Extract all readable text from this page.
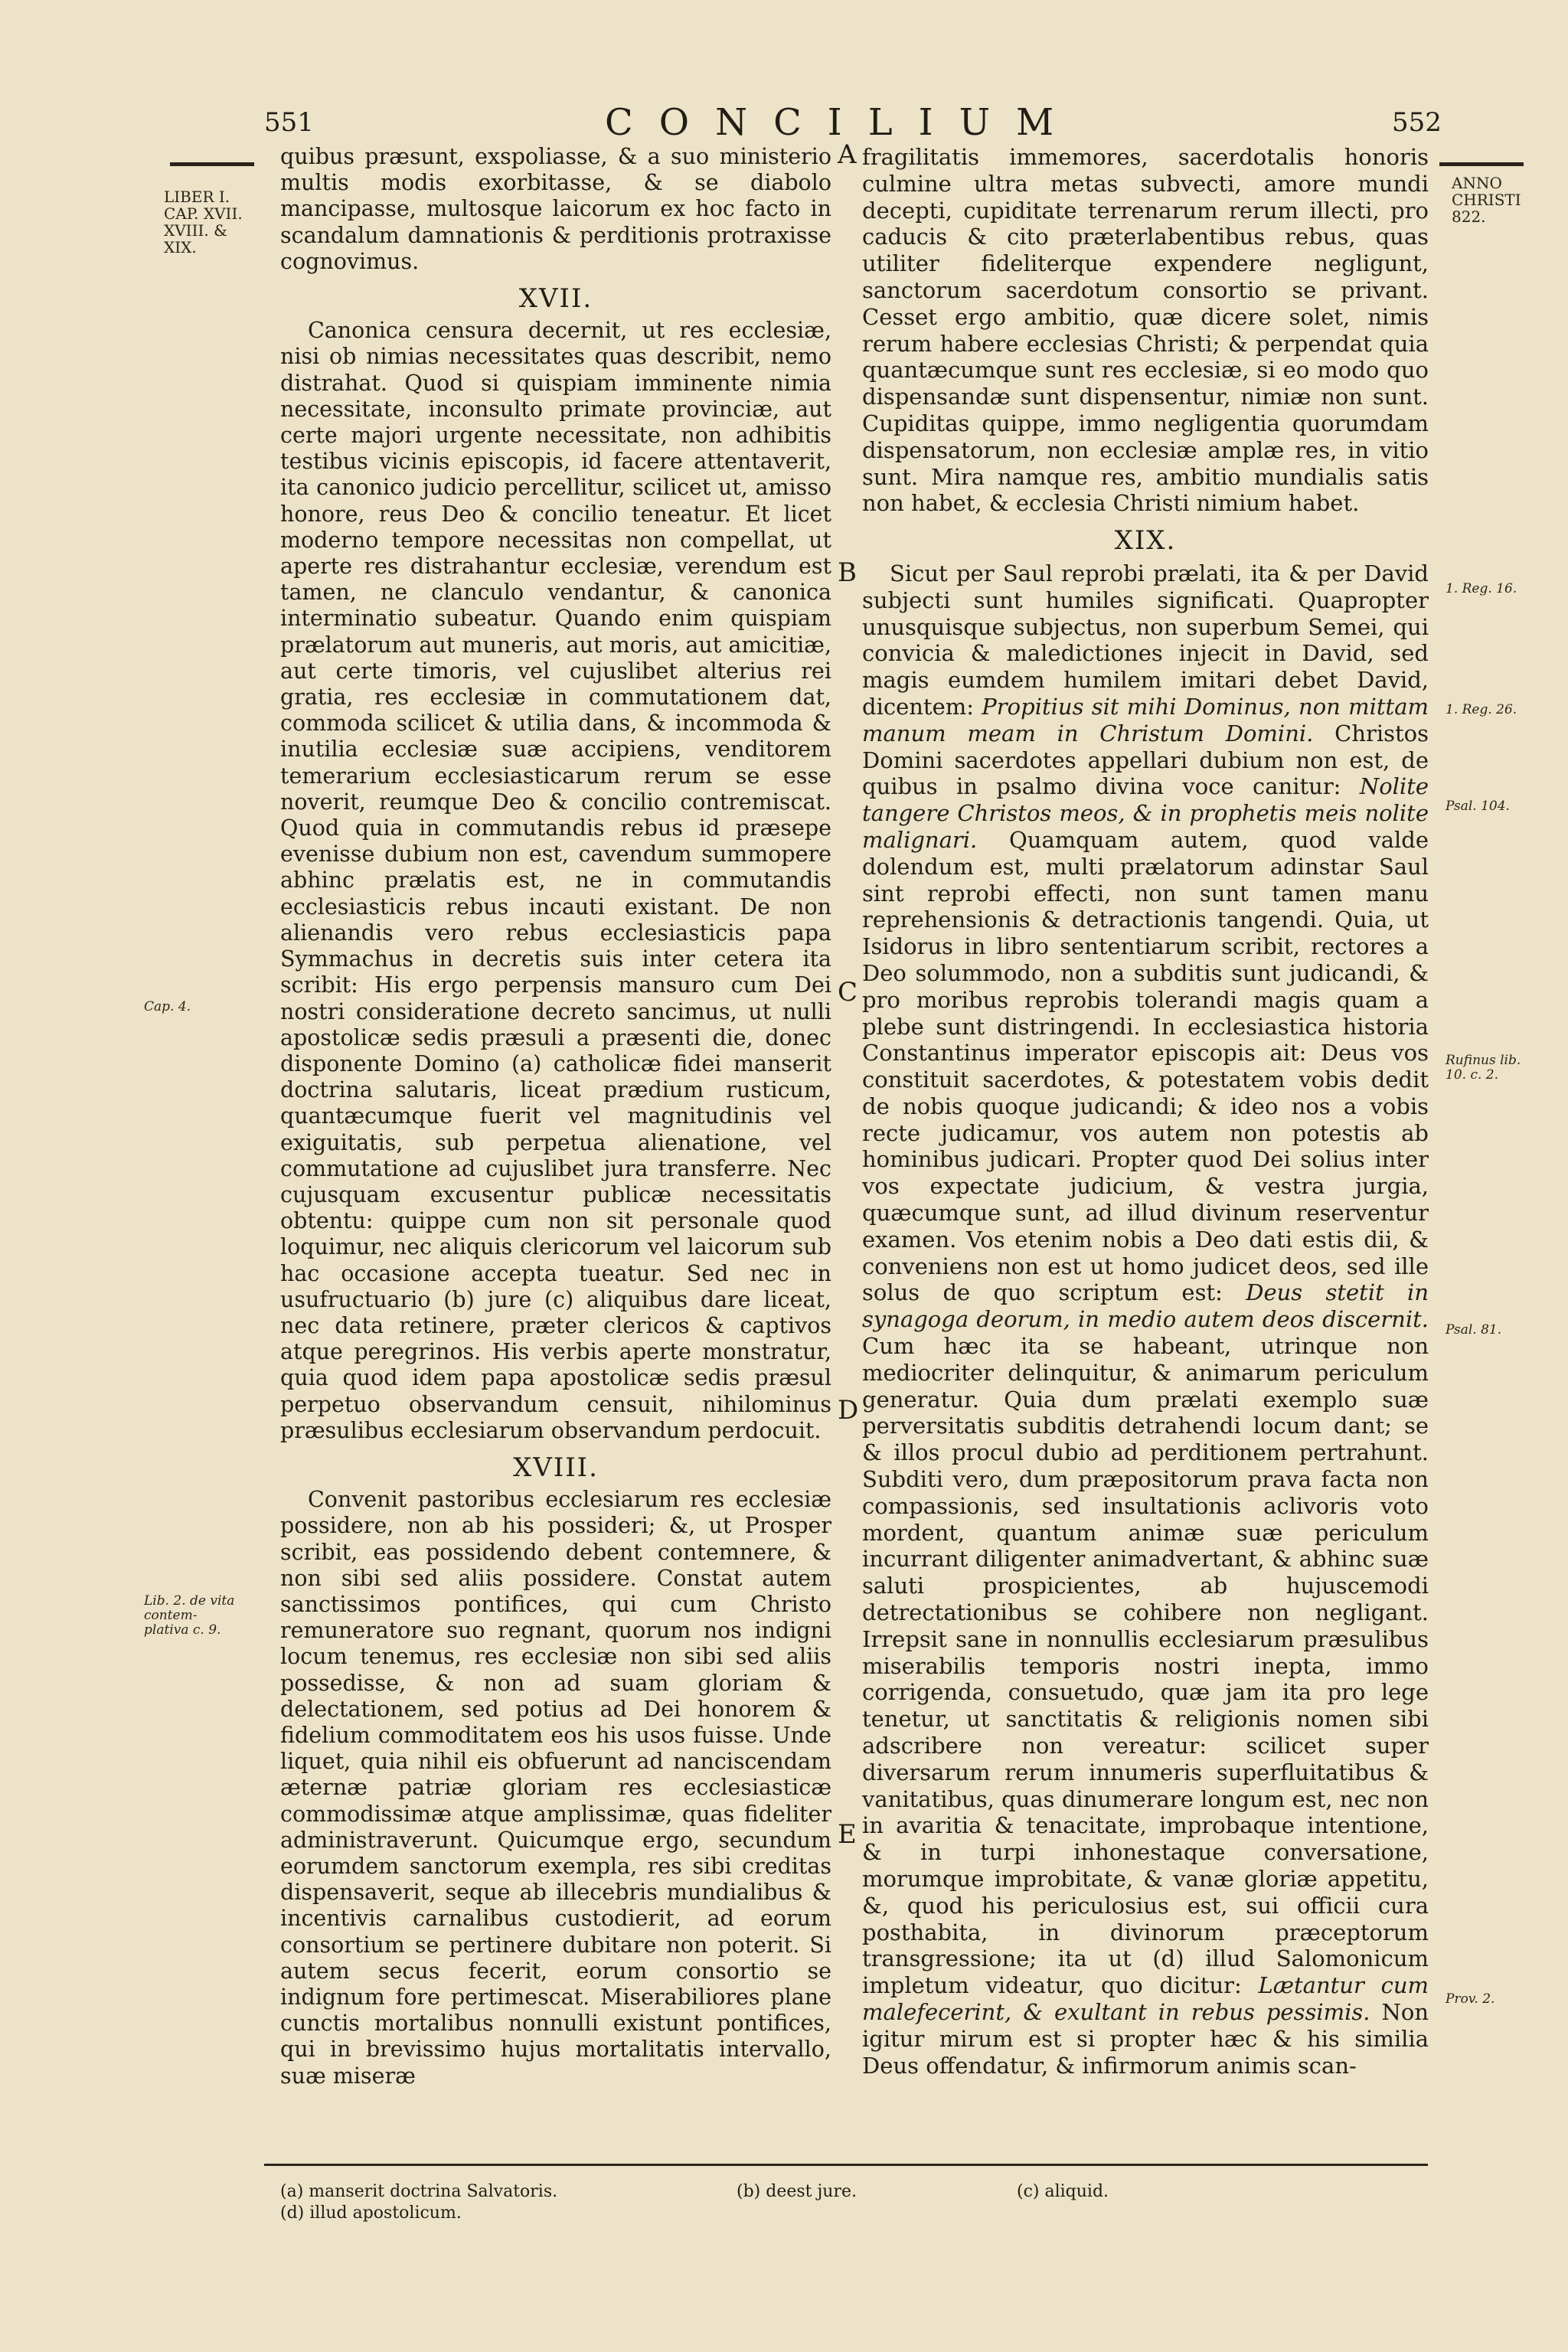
551	CONCILIUM	552
LIBER I. CAP. XVII. XVIII. & XIX.
Cap. 4.
Lib. 2. de vita contem-plativa c. 9.
ANNO CHRISTI 822.
1. Reg. 16.
1. Reg. 26.
Psal. 104.
Rufinus lib. 10. c. 2.
Psal. 81.
Prov. 2.
A
B
C
D
E

quibus præsunt, exspoliasse, & a suo ministerio multis modis exorbitasse, & se diabolo mancipasse, multosque laicorum ex hoc facto in scandalum damnationis & perditionis protraxisse cognovimus.

XVII.

Canonica censura decernit, ut res ecclesiæ, nisi ob nimias necessitates quas describit, nemo distrahat. Quod si quispiam imminente nimia necessitate, inconsulto primate provinciæ, aut certe majori urgente necessitate, non adhibitis testibus vicinis episcopis, id facere attentaverit, ita canonico judicio percellitur, scilicet ut, amisso honore, reus Deo & concilio teneatur. Et licet moderno tempore necessitas non compellat, ut aperte res distrahantur ecclesiæ, verendum est tamen, ne clanculo vendantur, & canonica interminatio subeatur. Quando enim quispiam prælatorum aut muneris, aut moris, aut amicitiæ, aut certe timoris, vel cujuslibet alterius rei gratia, res ecclesiæ in commutationem dat, commoda scilicet & utilia dans, & incommoda & inutilia ecclesiæ suæ accipiens, venditorem temerarium ecclesiasticarum rerum se esse noverit, reumque Deo & concilio contremiscat. Quod quia in commutandis rebus id præsepe evenisse dubium non est, cavendum summopere abhinc prælatis est, ne in commutandis ecclesiasticis rebus incauti existant. De non alienandis vero rebus ecclesiasticis papa Symmachus in decretis suis inter cetera ita scribit: His ergo perpensis mansuro cum Dei nostri consideratione decreto sancimus, ut nulli apostolicæ sedis præsuli a præsenti die, donec disponente Domino (a) catholicæ fidei manserit doctrina salutaris, liceat prædium rusticum, quantæcumque fuerit vel magnitudinis vel exiguitatis, sub perpetua alienatione, vel commutatione ad cujuslibet jura transferre. Nec cujusquam excusentur publicæ necessitatis obtentu: quippe cum non sit personale quod loquimur, nec aliquis clericorum vel laicorum sub hac occasione accepta tueatur. Sed nec in usufructuario (b) jure (c) aliquibus dare liceat, nec data retinere, præter clericos & captivos atque peregrinos. His verbis aperte monstratur, quia quod idem papa apostolicæ sedis præsul perpetuo observandum censuit, nihilominus præsulibus ecclesiarum observandum perdocuit.

XVIII.

Convenit pastoribus ecclesiarum res ecclesiæ possidere, non ab his possideri; &, ut Prosper scribit, eas possidendo debent contemnere, & non sibi sed aliis possidere. Constat autem sanctissimos pontifices, qui cum Christo remuneratore suo regnant, quorum nos indigni locum tenemus, res ecclesiæ non sibi sed aliis possedisse, & non ad suam gloriam & delectationem, sed potius ad Dei honorem & fidelium commoditatem eos his usos fuisse. Unde liquet, quia nihil eis obfuerunt ad nanciscendam æternæ patriæ gloriam res ecclesiasticæ commodissimæ atque amplissimæ, quas fideliter administraverunt. Quicumque ergo, secundum eorumdem sanctorum exempla, res sibi creditas dispensaverit, seque ab illecebris mundialibus & incentivis carnalibus custodierit, ad eorum consortium se pertinere dubitare non poterit. Si autem secus fecerit, eorum consortio se indignum fore pertimescat. Miserabiliores plane cunctis mortalibus nonnulli existunt pontifices, qui in brevissimo hujus mortalitatis intervallo, suæ miseræ

fragilitatis immemores, sacerdotalis honoris culmine ultra metas subvecti, amore mundi decepti, cupiditate terrenarum rerum illecti, pro caducis & cito præterlabentibus rebus, quas utiliter fideliterque expendere negligunt, sanctorum sacerdotum consortio se privant. Cesset ergo ambitio, quæ dicere solet, nimis rerum habere ecclesias Christi; & perpendat quia quantæcumque sunt res ecclesiæ, si eo modo quo dispensandæ sunt dispensentur, nimiæ non sunt. Cupiditas quippe, immo negligentia quorumdam dispensatorum, non ecclesiæ amplæ res, in vitio sunt. Mira namque res, ambitio mundialis satis non habet, & ecclesia Christi nimium habet.

XIX.

Sicut per Saul reprobi prælati, ita & per David subjecti sunt humiles significati. Quapropter unusquisque subjectus, non superbum Semei, qui convicia & maledictiones injecit in David, sed magis eumdem humilem imitari debet David, dicentem: Propitius sit mihi Dominus, non mittam manum meam in Christum Domini. Christos Domini sacerdotes appellari dubium non est, de quibus in psalmo divina voce canitur: Nolite tangere Christos meos, & in prophetis meis nolite malignari. Quamquam autem, quod valde dolendum est, multi prælatorum adinstar Saul sint reprobi effecti, non sunt tamen manu reprehensionis & detractionis tangendi. Quia, ut Isidorus in libro sententiarum scribit, rectores a Deo solummodo, non a subditis sunt judicandi, & pro moribus reprobis tolerandi magis quam a plebe sunt distringendi. In ecclesiastica historia Constantinus imperator episcopis ait: Deus vos constituit sacerdotes, & potestatem vobis dedit de nobis quoque judicandi; & ideo nos a vobis recte judicamur, vos autem non potestis ab hominibus judicari. Propter quod Dei solius inter vos expectate judicium, & vestra jurgia, quæcumque sunt, ad illud divinum reserventur examen. Vos etenim nobis a Deo dati estis dii, & conveniens non est ut homo judicet deos, sed ille solus de quo scriptum est: Deus stetit in synagoga deorum, in medio autem deos discernit. Cum hæc ita se habeant, utrinque non mediocriter delinquitur, & animarum periculum generatur. Quia dum prælati exemplo suæ perversitatis subditis detrahendi locum dant; se & illos procul dubio ad perditionem pertrahunt. Subditi vero, dum præpositorum prava facta non compassionis, sed insultationis aclivoris voto mordent, quantum animæ suæ periculum incurrant diligenter animadvertant, & abhinc suæ saluti prospicientes, ab hujuscemodi detrectationibus se cohibere non negligant. Irrepsit sane in nonnullis ecclesiarum præsulibus miserabilis temporis nostri inepta, immo corrigenda, consuetudo, quæ jam ita pro lege tenetur, ut sanctitatis & religionis nomen sibi adscribere non vereatur: scilicet super diversarum rerum innumeris superfluitatibus & vanitatibus, quas dinumerare longum est, nec non in avaritia & tenacitate, improbaque intentione, & in turpi inhonestaque conversatione, morumque improbitate, & vanæ gloriæ appetitu, &, quod his periculosius est, sui officii cura posthabita, in divinorum præceptorum transgressione; ita ut (d) illud Salomonicum impletum videatur, quo dicitur: Lætantur cum malefecerint, & exultant in rebus pessimis. Non igitur mirum est si propter hæc & his similia Deus offendatur, & infirmorum animis scan-

(a) manserit doctrina Salvatoris.
(d) illud apostolicum.
(b) deest jure.	(c) aliquid.
